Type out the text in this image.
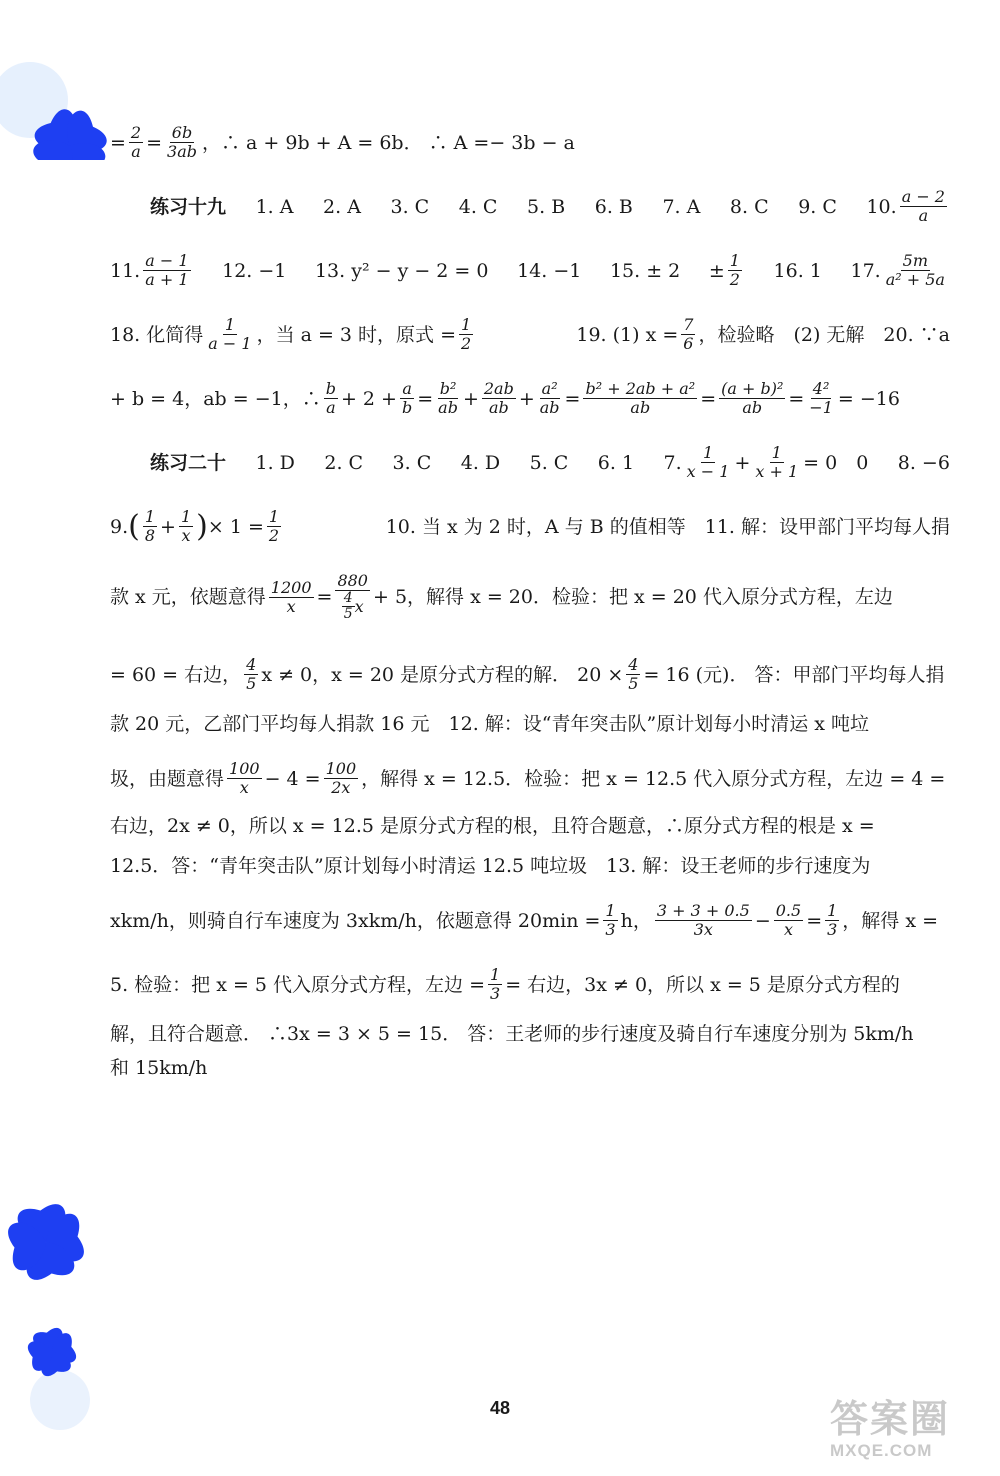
= $\frac{2}{a} = \frac{6b}{3ab}$ ，∴ a + 9b + A = 6b． ∴ A =− 3b − a
练习十九 1. A 2. A 3. C 4. C 5. B 6. B 7. A 8. C 9. C 10. $\frac{a - 2}{a}$
11. $\frac{a - 1}{a + 1} 12$. −1 13. y² − y − 2 = 0 14. −1 15. ± $2 \pm \frac{1}{2} 16$. 1 17. $\frac{5m}{\text{a² + 5a}}$
18. 化简得 $\frac{1}{a - 1}$ ，当 a = 3 时，原式 = $\frac{1}{2}$	19. (1) $x = \frac{7}{6}$ ，检验略　(2) 无解　20. ∵a
+ b = 4，ab = −1，∴ $\frac{b}{a} + 2 + \frac{a}{b} = \frac{\text{b²}}{ab} + \frac{2ab}{ab} + \frac{\text{a²}}{ab} = \frac{\text{b² + 2ab + a²}}{ab} = \frac{\text{(a + b)²}}{ab} = \frac{\text{4²}}{-1} = -16$
练习二十 1. D 2. C 3. C 4. D 5. C 6. 1 7. $\frac{1}{x - 1} + \frac{1}{x + 1} = 0$　0 8. −6
9. ( $\frac{1}{8} + \frac{1}{x}$ ) × $1 = \frac{1}{2}$	10. 当 x 为 2 时，A 与 B 的值相等　11. 解：设甲部门平均每人捐
款 x 元，依题意得 $\frac{1200}{x} = 880$
4
5 x + 5，解得 x = 20．检验：把 x = 20 代入原分式方程，左边
= 60 = 右边， $\frac{4}{5}$ x ≠ 0，x = 20 是原分式方程的解． $20 \times \frac{4}{5} = 16$ (元)． 答：甲部门平均每人捐
款 20 元，乙部门平均每人捐款 16 元　12. 解：设“青年突击队”原计划每小时清运 x 吨垃
圾，由题意得 $\frac{100}{x} - 4 = \frac{100}{2x}$ ，解得 x = 12.5．检验：把 x = 12.5 代入原分式方程，左边 = 4 =
右边，2x ≠ 0，所以 x = 12.5 是原分式方程的根，且符合题意，∴原分式方程的根是 x =
12.5．答：“青年突击队”原计划每小时清运 12.5 吨垃圾　13. 解：设王老师的步行速度为
xkm/h，则骑自行车速度为 3xkm/h，依题意得 $20\min = \frac{1}{3}$ h， $\frac{3 + 3 + 0.5}{3x} - \frac{0.5}{x} = \frac{1}{3}$ ，解得 x =
5. 检验：把 x = 5 代入原分式方程，左边 = $\frac{1}{3}$ = 右边，3x ≠ 0，所以 x = 5 是原分式方程的
解，且符合题意． ∴3x = 3 × 5 = 15． 答：王老师的步行速度及骑自行车速度分别为 5km/h
和 15km/h
48	答案圈
MXQE.COM
